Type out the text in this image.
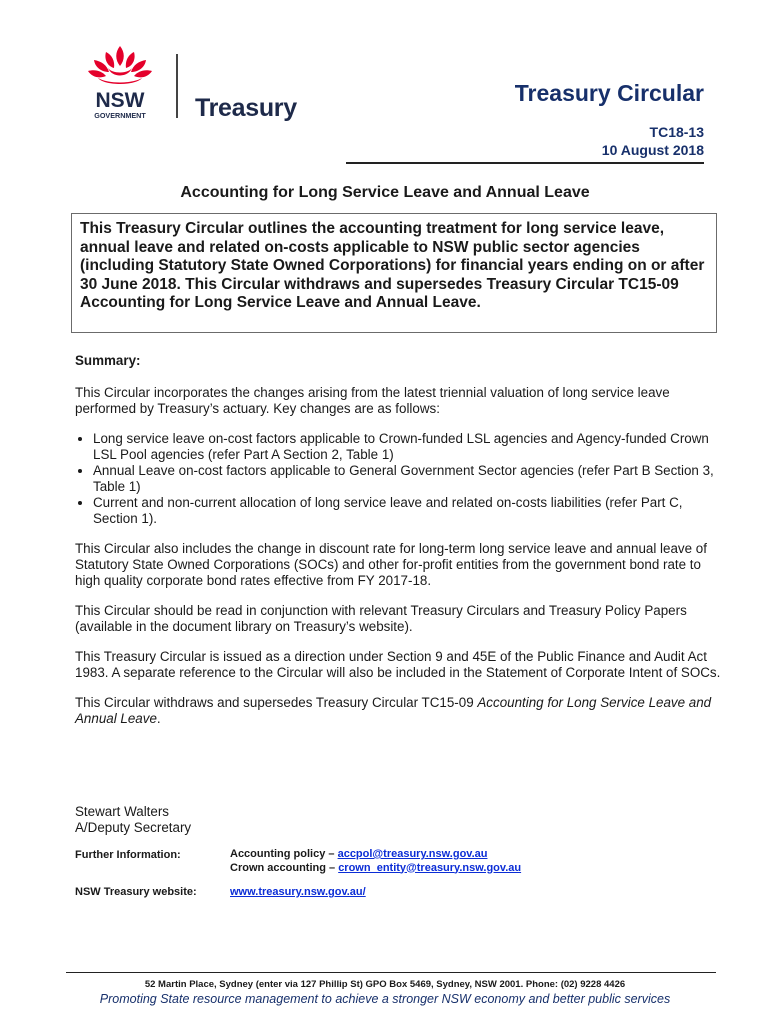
NSW
GOVERNMENT Treasury
Treasury Circular
TC18-13
10 August 2018
Accounting for Long Service Leave and Annual Leave
This Treasury Circular outlines the accounting treatment for long service leave, annual leave and related on-costs applicable to NSW public sector agencies (including Statutory State Owned Corporations) for financial years ending on or after 30 June 2018. This Circular withdraws and supersedes Treasury Circular TC15-09 Accounting for Long Service Leave and Annual Leave.
Summary:

This Circular incorporates the changes arising from the latest triennial valuation of long service leave performed by Treasury’s actuary. Key changes are as follows:

• Long service leave on-cost factors applicable to Crown-funded LSL agencies and Agency-funded Crown LSL Pool agencies (refer Part A Section 2, Table 1)
• Annual Leave on-cost factors applicable to General Government Sector agencies (refer Part B Section 3, Table 1)
• Current and non-current allocation of long service leave and related on-costs liabilities (refer Part C, Section 1).

This Circular also includes the change in discount rate for long-term long service leave and annual leave of Statutory State Owned Corporations (SOCs) and other for-profit entities from the government bond rate to high quality corporate bond rates effective from FY 2017-18.

This Circular should be read in conjunction with relevant Treasury Circulars and Treasury Policy Papers (available in the document library on Treasury’s website).

This Treasury Circular is issued as a direction under Section 9 and 45E of the Public Finance and Audit Act 1983. A separate reference to the Circular will also be included in the Statement of Corporate Intent of SOCs.

This Circular withdraws and supersedes Treasury Circular TC15-09 Accounting for Long Service Leave and Annual Leave.

Stewart Walters
A/Deputy Secretary
Further Information:	Accounting policy – accpol@treasury.nsw.gov.au
Crown accounting – crown_entity@treasury.nsw.gov.au
NSW Treasury website:	www.treasury.nsw.gov.au/
52 Martin Place, Sydney (enter via 127 Phillip St) GPO Box 5469, Sydney, NSW 2001. Phone: (02) 9228 4426
Promoting State resource management to achieve a stronger NSW economy and better public services
